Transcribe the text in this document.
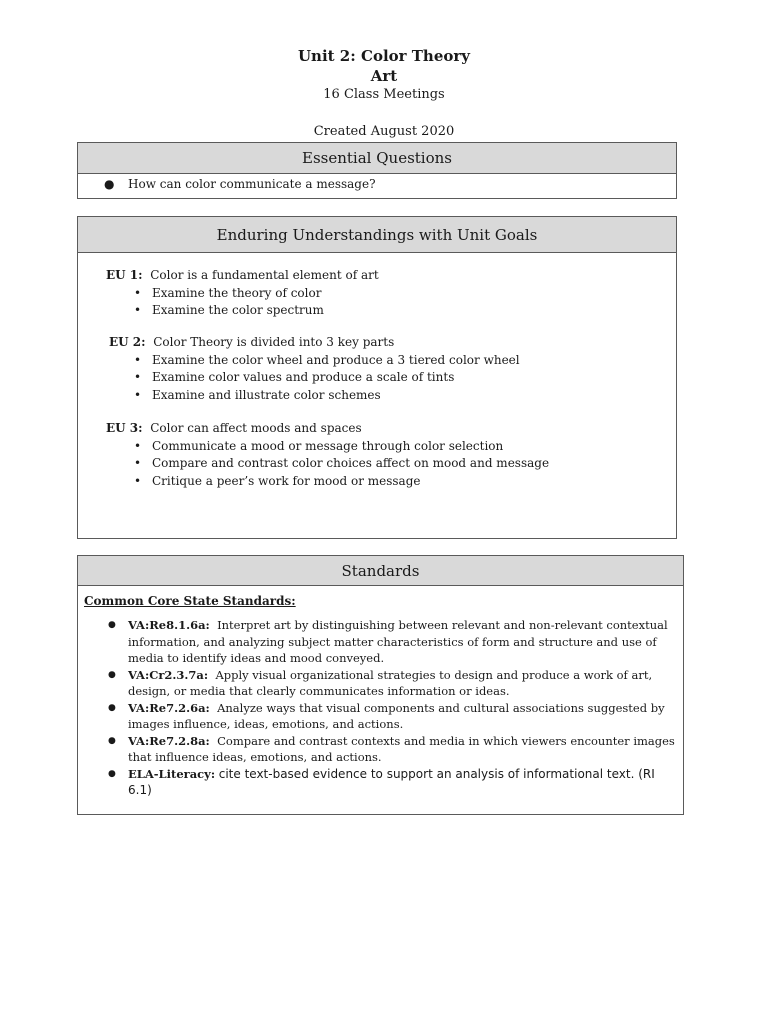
Unit 2: Color Theory
Art
16 Class Meetings
Created August 2020
Essential Questions
● How can color communicate a message?
Enduring Understandings with Unit Goals
EU 1: Color is a fundamental element of art
• Examine the theory of color
• Examine the color spectrum
EU 2: Color Theory is divided into 3 key parts
• Examine the color wheel and produce a 3 tiered color wheel
• Examine color values and produce a scale of tints
• Examine and illustrate color schemes
EU 3: Color can affect moods and spaces
• Communicate a mood or message through color selection
• Compare and contrast color choices affect on mood and message
• Critique a peer’s work for mood or message
Standards
Common Core State Standards:
● VA:Re8.1.6a: Interpret art by distinguishing between relevant and non-relevant contextual information, and analyzing subject matter characteristics of form and structure and use of media to identify ideas and mood conveyed.
● VA:Cr2.3.7a: Apply visual organizational strategies to design and produce a work of art, design, or media that clearly communicates information or ideas.
● VA:Re7.2.6a: Analyze ways that visual components and cultural associations suggested by images influence, ideas, emotions, and actions.
● VA:Re7.2.8a: Compare and contrast contexts and media in which viewers encounter images that influence ideas, emotions, and actions.
● ELA-Literacy: cite text-based evidence to support an analysis of informational text. (RI 6.1)
